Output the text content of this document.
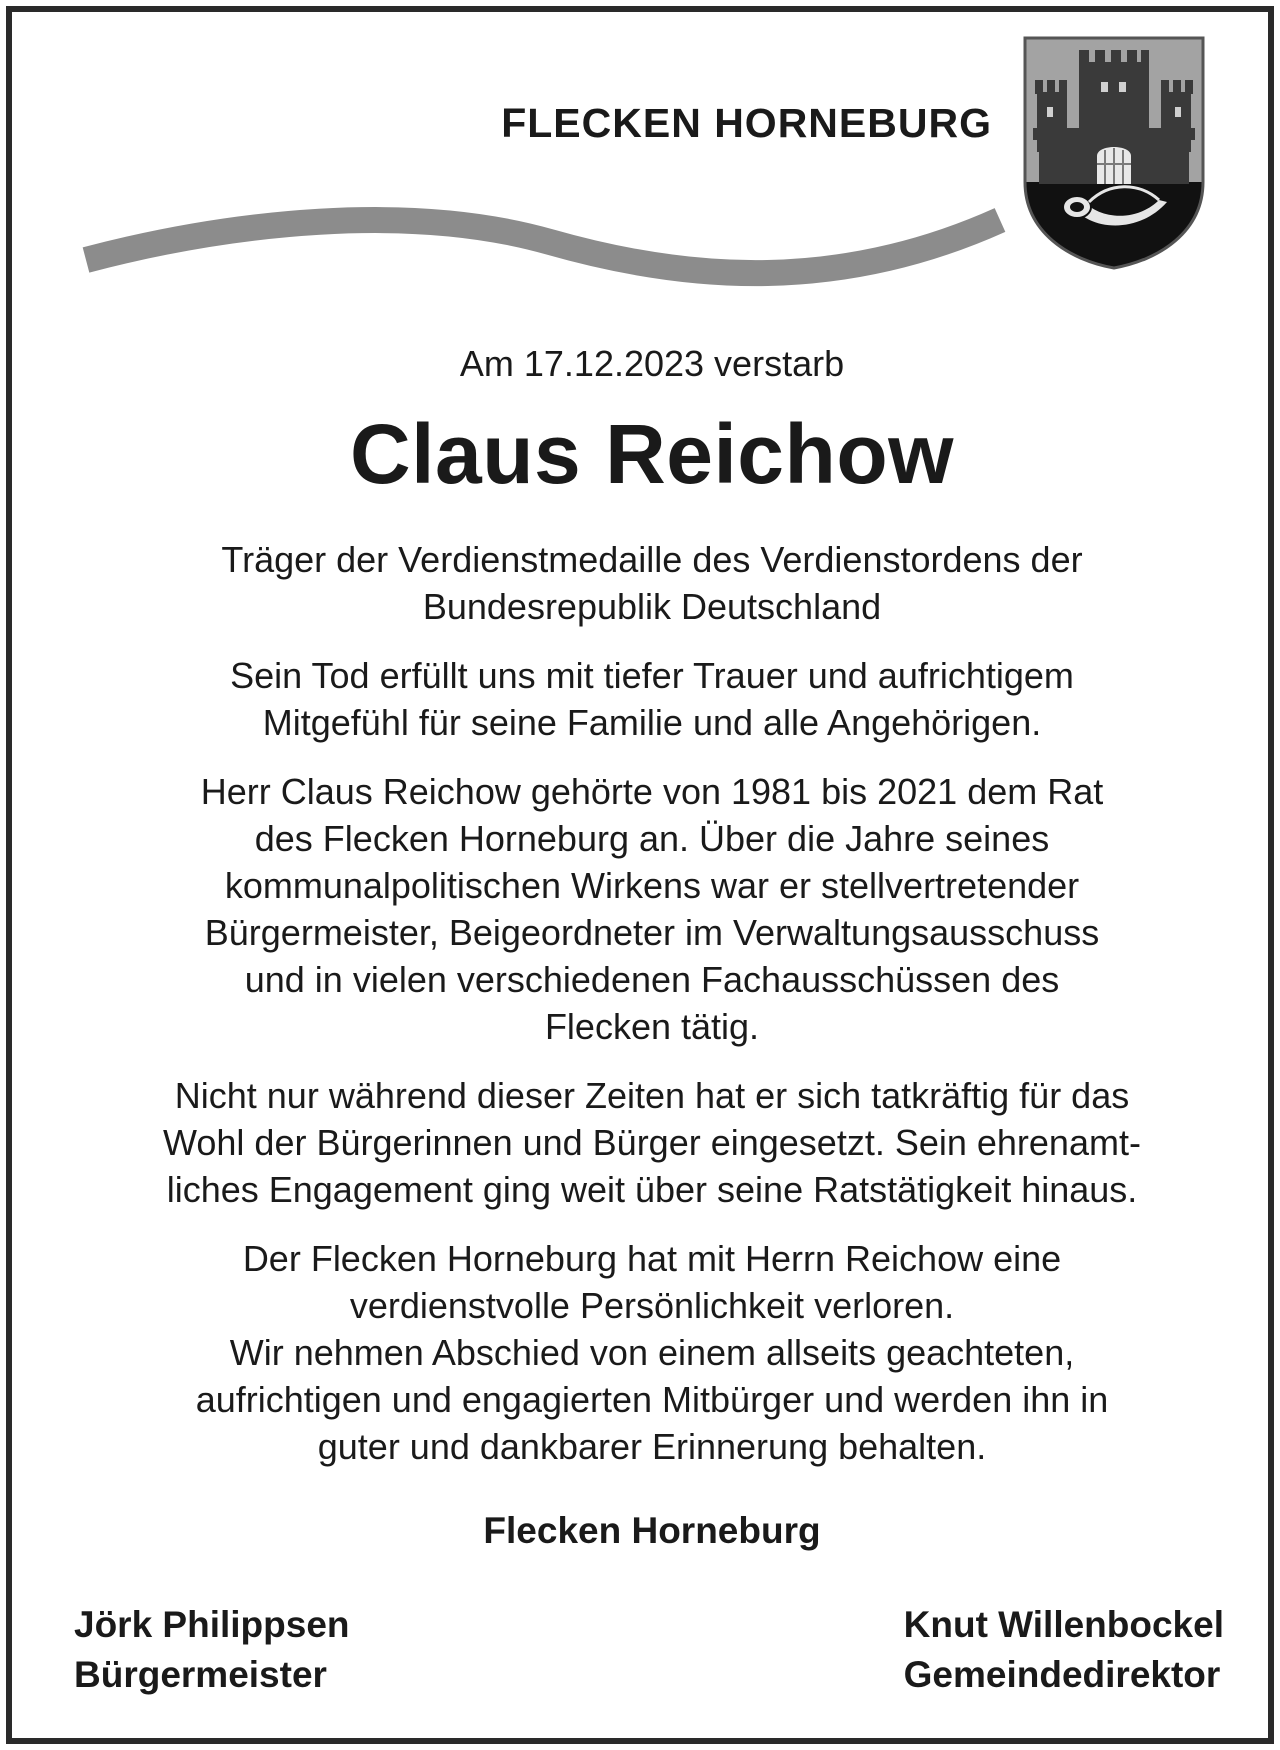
FLECKEN HORNEBURG

Am 17.12.2023 verstarb

Claus Reichow
Träger der Verdienstmedaille des Verdienstordens der
Bundesrepublik Deutschland
Sein Tod erfüllt uns mit tiefer Trauer und aufrichtigem
Mitgefühl für seine Familie und alle Angehörigen.
Herr Claus Reichow gehörte von 1981 bis 2021 dem Rat
des Flecken Horneburg an. Über die Jahre seines
kommunalpolitischen Wirkens war er stellvertretender
Bürgermeister, Beigeordneter im Verwaltungsausschuss
und in vielen verschiedenen Fachausschüssen des
Flecken tätig.
Nicht nur während dieser Zeiten hat er sich tatkräftig für das
Wohl der Bürgerinnen und Bürger eingesetzt. Sein ehrenamt-
liches Engagement ging weit über seine Ratstätigkeit hinaus.
Der Flecken Horneburg hat mit Herrn Reichow eine
verdienstvolle Persönlichkeit verloren.
Wir nehmen Abschied von einem allseits geachteten,
aufrichtigen und engagierten Mitbürger und werden ihn in
guter und dankbarer Erinnerung behalten.
Flecken Horneburg
Jörk Philippsen
Bürgermeister
Knut Willenbockel
Gemeindedirektor
